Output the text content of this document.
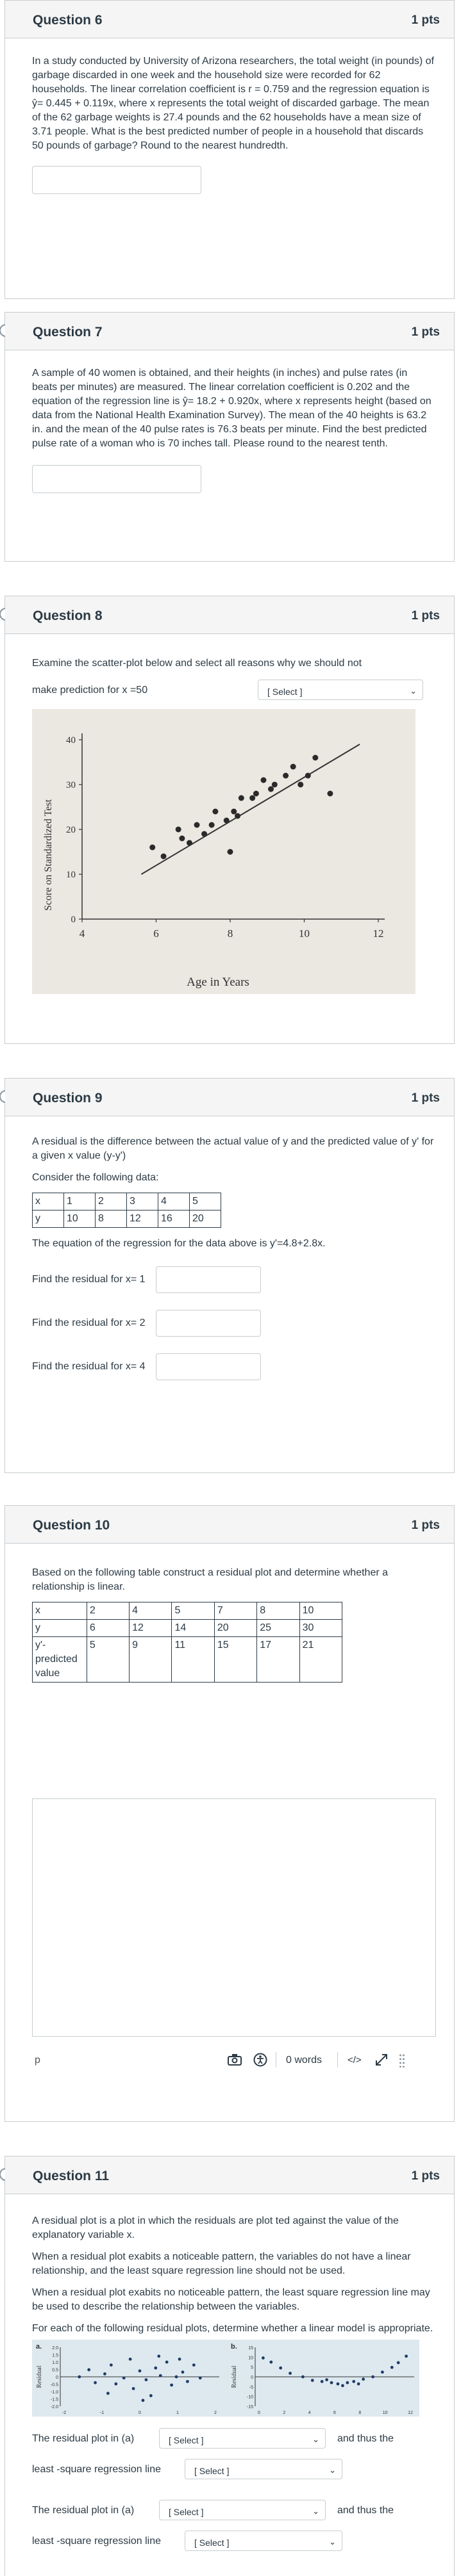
Question 6	1 pts

In a study conducted by University of Arizona researchers, the total weight (in pounds) of garbage discarded in one week and the household size were recorded for 62 households. The linear correlation coefficient is r = 0.759 and the regression equation is ŷ= 0.445 + 0.119x, where x represents the total weight of discarded garbage. The mean of the 62 garbage weights is 27.4 pounds and the 62 households have a mean size of 3.71 people. What is the best predicted number of people in a household that discards 50 pounds of garbage? Round to the nearest hundredth.

Question 7	1 pts

A sample of 40 women is obtained, and their heights (in inches) and pulse rates (in beats per minutes) are measured. The linear correlation coefficient is 0.202 and the equation of the regression line is ŷ= 18.2 + 0.920x, where x represents height (based on data from the National Health Examination Survey). The mean of the 40 heights is 63.2 in. and the mean of the 40 pulse rates is 76.3 beats per minute. Find the best predicted pulse rate of a woman who is 70 inches tall. Please round to the nearest tenth.

Question 8	1 pts

Examine the scatter-plot below and select all reasons why we should not

make prediction for x =50	[ Select ]	⌄
Score on Standardized Test
Age in Years
0
10
20
30
40
4	6	8	10	12
Question 9	1 pts

A residual is the difference between the actual value of y and the predicted value of y' for a given x value (y-y')

Consider the following data:

x	1	2	3	4	5
y	10	8	12	16	20

The equation of the regression for the data above is y'=4.8+2.8x.

Find the residual for x= 1
Find the residual for x= 2
Find the residual for x= 4
Question 10	1 pts

Based on the following table construct a residual plot and determine whether a relationship is linear.

x	2	4	5	7	8	10
y	6	12	14	20	25	30
y'-predicted value	5	9	11	15	17	21
p	0 words	</>
Question 11	1 pts

A residual plot is a plot in which the residuals are plot ted against the value of the explanatory variable x.

When a residual plot exabits a noticeable pattern, the variables do not have a linear relationship, and the least square regression line should not be used.

When a residual plot exabits no noticeable pattern, the least square regression line may be used to describe the relationship between the variables.

For each of the following residual plots, determine whether a linear model is appropriate.

a.
Residual
2.0
1.5
1.0
0.5
0
-0.5
-1.0
-1.5
-2.0
-2	-1	0	1	2
b.
Residual
15
10
5
0
-5
-10
-15
0	2	4	6	8	10	12
The residual plot in (a)	[ Select ]	⌄ and thus the
least -square regression line	[ Select ]	⌄
The residual plot in (a)	[ Select ]	⌄ and thus the
least -square regression line	[ Select ]	⌄
